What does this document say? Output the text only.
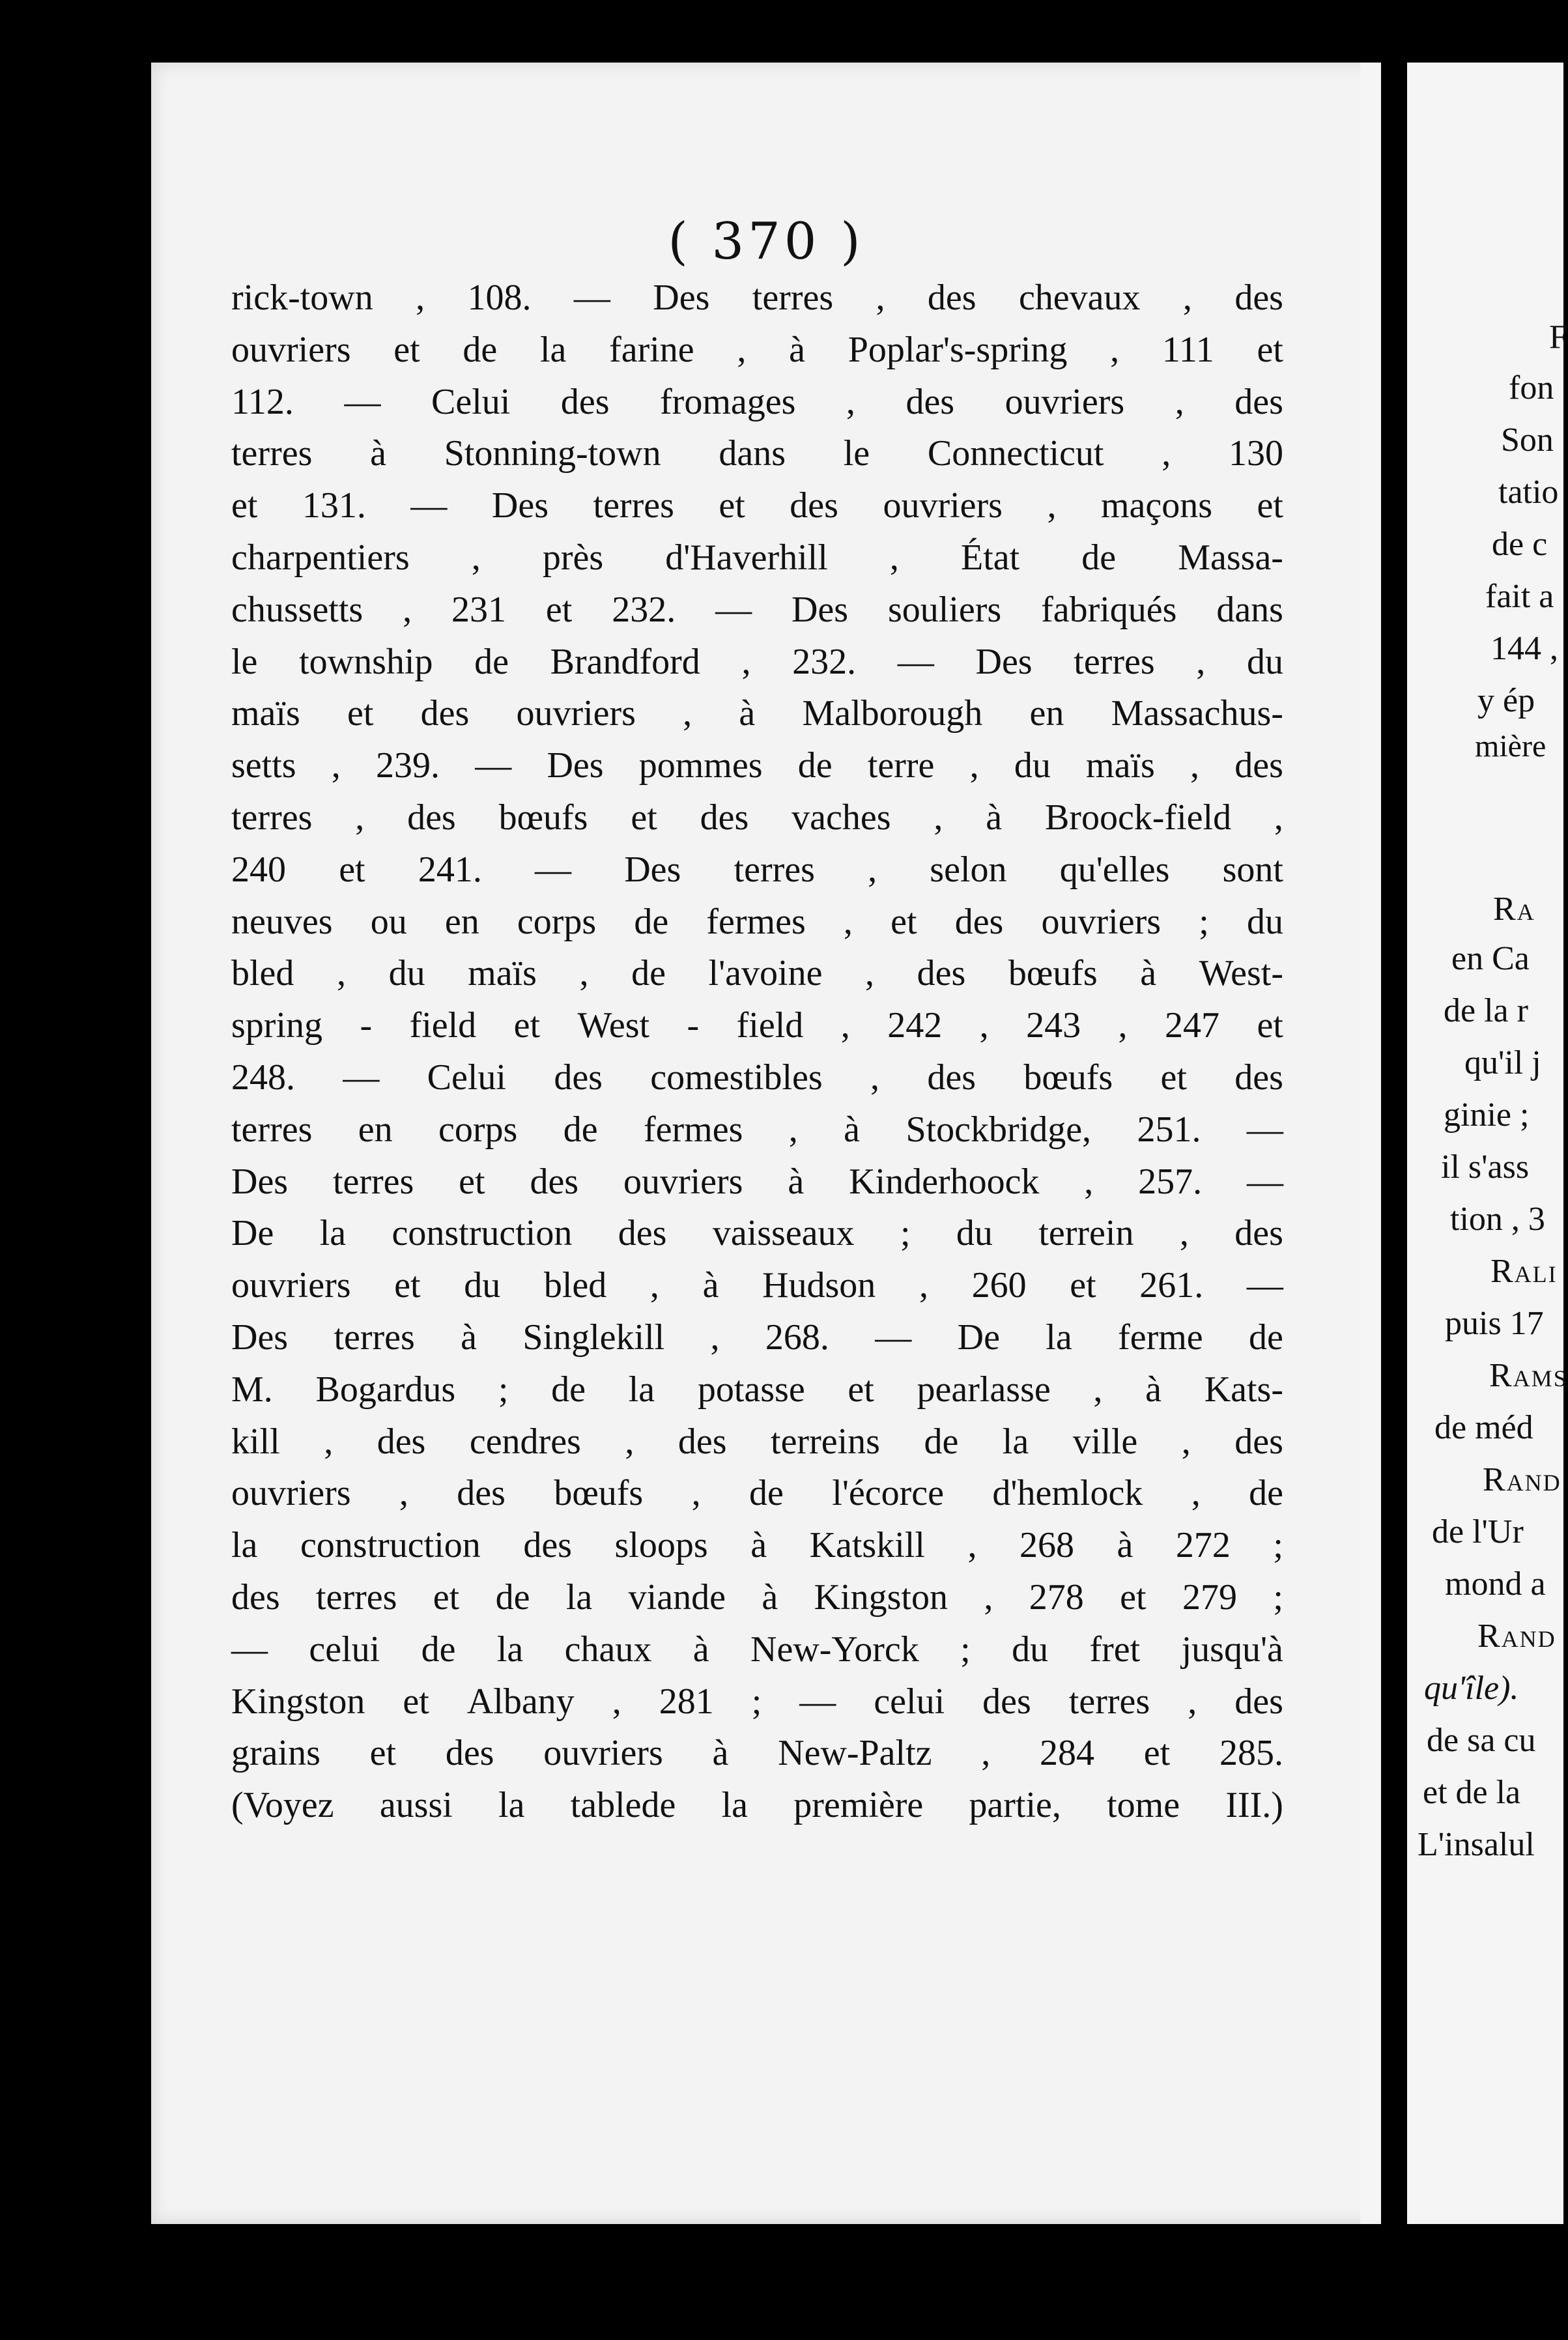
( 370 )
rick-town , 108. — Des terres , des chevaux , des
ouvriers et de la farine , à Poplar's-spring , 111 et
112. — Celui des fromages , des ouvriers , des
terres à Stonning-town dans le Connecticut , 130
et 131. — Des terres et des ouvriers , maçons et
charpentiers , près d'Haverhill , État de Massa-
chussetts , 231 et 232. — Des souliers fabriqués dans
le township de Brandford , 232. — Des terres , du
maïs et des ouvriers , à Malborough en Massachus-
setts , 239. — Des pommes de terre , du maïs , des
terres , des bœufs et des vaches , à Broock-field ,
240 et 241. — Des terres , selon qu'elles sont
neuves ou en corps de fermes , et des ouvriers ; du
bled , du maïs , de l'avoine , des bœufs à West-
spring - field et West - field , 242 , 243 , 247 et
248. — Celui des comestibles , des bœufs et des
terres en corps de fermes , à Stockbridge, 251. —
Des terres et des ouvriers à Kinderhoock , 257. —
De la construction des vaisseaux ; du terrein , des
ouvriers et du bled , à Hudson , 260 et 261. —
Des terres à Singlekill , 268. — De la ferme de
M. Bogardus ; de la potasse et pearlasse , à Kats-
kill , des cendres , des terreins de la ville , des
ouvriers , des bœufs , de l'écorce d'hemlock , de
la construction des sloops à Katskill , 268 à 272 ;
des terres et de la viande à Kingston , 278 et 279 ;
— celui de la chaux à New-Yorck ; du fret jusqu'à
Kingston et Albany , 281 ; — celui des terres , des
grains et des ouvriers à New-Paltz , 284 et 285.
(Voyez aussi la tablede la première partie, tome III.)
F
fon
Son
tatio
de c
fait a
144 ,
y ép
mière
Ra
en Ca
de la r
qu'il j
ginie ;
il s'ass
tion , 3
Rali
puis 17
Rams
de méd
Rand
de l'Ur
mond a
Rand
qu'île).
de sa cu
et de la
L'insalul
